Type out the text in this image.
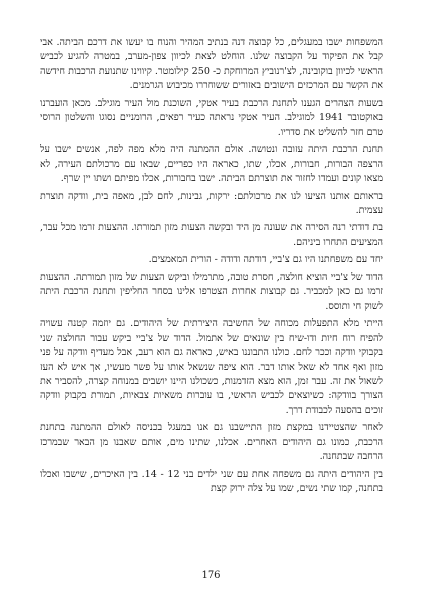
המשפחות ישבו במעגלים, כל קבוצה דנה בנתיב המהיר והנוח בו יעשו את דרכם הביתה. אבי קבל את הפיקוד על הקבוצה שלנו. הוחלט לצאת לכיוון צפון-מערב, במטרה להגיע לכביש הראשי לכיוון בוקובינה, לצ'רנוביץ המרוחקת כ- 250 קילומטר. קיווינו שתנועת הרכבות חידשה את הקשר עם המרכזים הישובים באזורים ששוחררו מכיבוש הגרמנים.

בשעות הצהרים הגענו לתחנת הרכבת בעיר אטקי, השוכנת מול העיר מוגילב. מכאן הועברנו באוקטובר 1941 למוגילב. העיר אטקי נראתה כעיר רפאים, הרומניים נסוגו והשלטון הרוסי טרם חזר להשליט את סדריו.

תחנת הרכבת היתה עזובה ונטושה. אולם ההמתנה היה מלא מפה לפה, אנשים ישבו על הרצפה הבורות, חבורות, אכלו, שתו, כאראה היו כפריים, שבאו עם מרכולתם העירה, לא מצאו קונים ועמדו לחזור את תוצרתם הביתה. ישבו בחבורות, אכלו מפיתם ושתו יין שרף.

בראותם אותנו הציעו לנו את מרכולתם: ירקות, גבינות, לחם לבן, מאפה בית, וודקה תוצרת עצמית.

בת דודתי רנה הסירה את שעונה מן היד ובקשה הצעות מזון תמורתו. ההצעות זרמו מכל עבר, המציעים התחרו ביניהם.

יחד עם משפחתנו היו גם צ'ביי, דודתה ודודה - הורית המאמצים.

הדוד של צ'ביי הוציא חולצה, חסרת טובה, מתרמילו וביקש הצעות של מזון תמורתה. ההצעות זרמו גם כאן למכביר. גם קבוצות אחרות הצטרפו אלינו בסחר החליפין ותחנת הרכבת היתה לשוק חי ותוסס.

הייתי מלא התפעלות מכוחה של החשיבה היצירתית של היהודים. גם יוזמה קטנה עשויה להפיח רוח חיות ודו-שיח בין שונאים של אתמול. הדוד של צ'ביי ביקש עבור החולצה שני בקבוקי וודקה וככר לחם. כולנו התבוננו באיש, כאראה גם הוא רעב, אבל מעדיף וודקה על פני מזון ואף אחד לא שאל אותו דבר. הוא ציפה שנשאל אותו על פשר מעשיו, אך איש לא העז לשאול את זה. עבר זמן, הוא מצא הזדמנות, כשכולנו היינו יושבים במנוחה קצרה, להסביר את הצורך בוודקה: כשיוצאים לכביש הראשי, בו עוברות משאיות צבאיות, תמורת בקבוק וודקה זוכים בהסעה לכבודת דרך.

לאחר שהצטיידנו במקצת מזון התיישבנו גם אנו במעגל בכניסה לאולם ההמתנה בתחנת הרכבת, כמונו גם היהודים האחרים. אכלנו, שתינו מים, אותם שאבנו מן הבאר שבמרכז הרחבה שבתחנה.

בין היהודים היתה גם משפחה אחת עם שני ילדים בני 12 - 14. בין האיכרים, שישבו ואכלו בתחנה, קמו שתי נשים, שמו על צלה ירוק קצת

176
